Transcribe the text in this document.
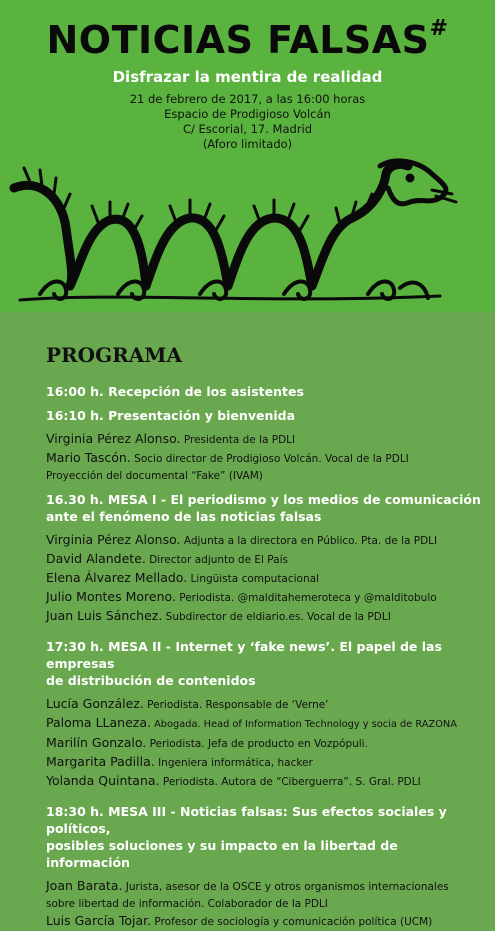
NOTICIAS FALSAS#
Disfrazar la mentira de realidad
21 de febrero de 2017, a las 16:00 horas
Espacio de Prodigioso Volcán
C/ Escorial, 17. Madrid
(Aforo limitado)
PROGRAMA
16:00 h. Recepción de los asistentes
16:10 h. Presentación y bienvenida
Virginia Pérez Alonso. Presidenta de la PDLI
Mario Tascón. Socio director de Prodigioso Volcán. Vocal de la PDLI
Proyección del documental “Fake” (IVAM)
16.30 h. MESA I - El periodismo y los medios de comunicación
ante el fenómeno de las noticias falsas
Virginia Pérez Alonso. Adjunta a la directora en Público. Pta. de la PDLI
David Alandete. Director adjunto de El País
Elena Álvarez Mellado. Lingüista computacional
Julio Montes Moreno. Periodista. @malditahemeroteca y @malditobulo
Juan Luis Sánchez. Subdirector de eldiario.es. Vocal de la PDLI
17:30 h. MESA II - Internet y ‘fake news’. El papel de las empresas
de distribución de contenidos
Lucía González. Periodista. Responsable de ‘Verne’
Paloma LLaneza. Abogada. Head of Information Technology y socia de RAZONA
Marilín Gonzalo. Periodista. Jefa de producto en Vozpópuli.
Margarita Padilla. Ingeniera informática, hacker
Yolanda Quintana. Periodista. Autora de “Ciberguerra”. S. Gral. PDLI
18:30 h. MESA III - Noticias falsas: Sus efectos sociales y políticos,
posibles soluciones y su impacto en la libertad de información
Joan Barata. Jurista, asesor de la OSCE y otros organismos internacionales
sobre libertad de información. Colaborador de la PDLI
Luis García Tojar. Profesor de sociología y comunicación política (UCM)
